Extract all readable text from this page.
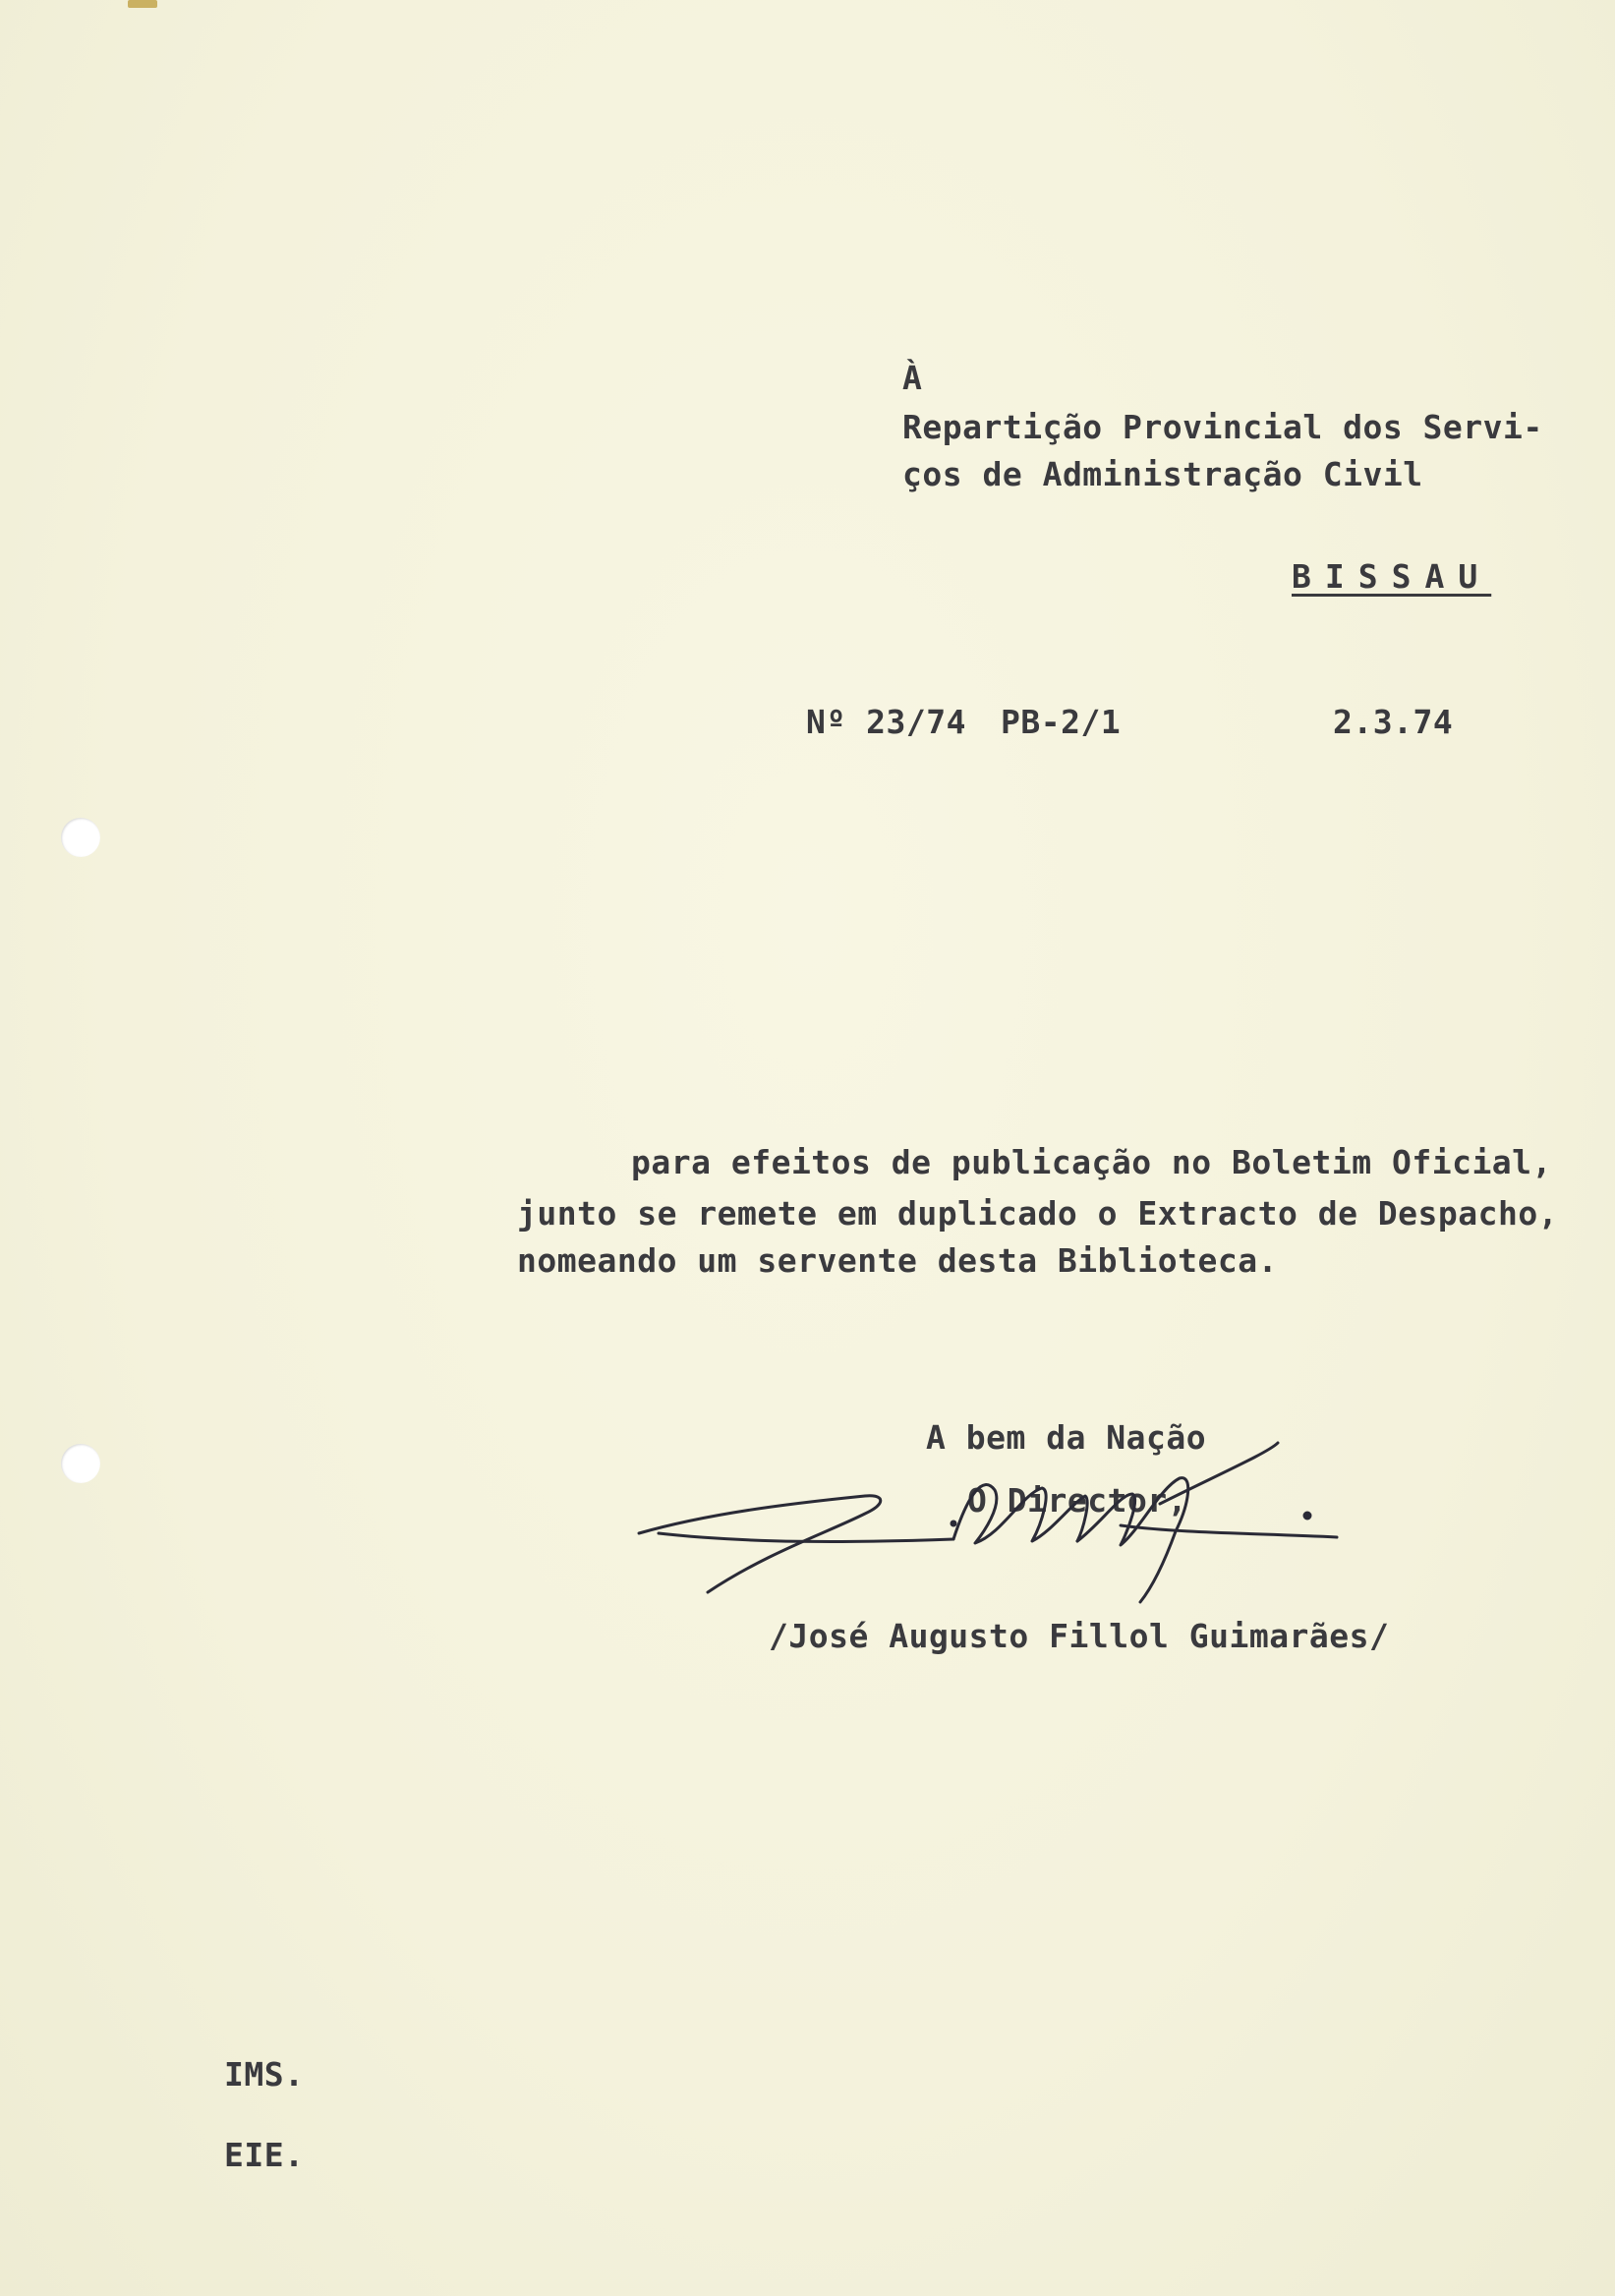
À
Repartição Provincial dos Servi-
ços de Administração Civil
BISSAU
Nº 23/74 PB-2/1	2.3.74
para efeitos de publicação no Boletim Oficial,
junto se remete em duplicado o Extracto de Despacho,
nomeando um servente desta Biblioteca.
A bem da Nação
O Director,
/José Augusto Fillol Guimarães/
IMS.
EIE.
